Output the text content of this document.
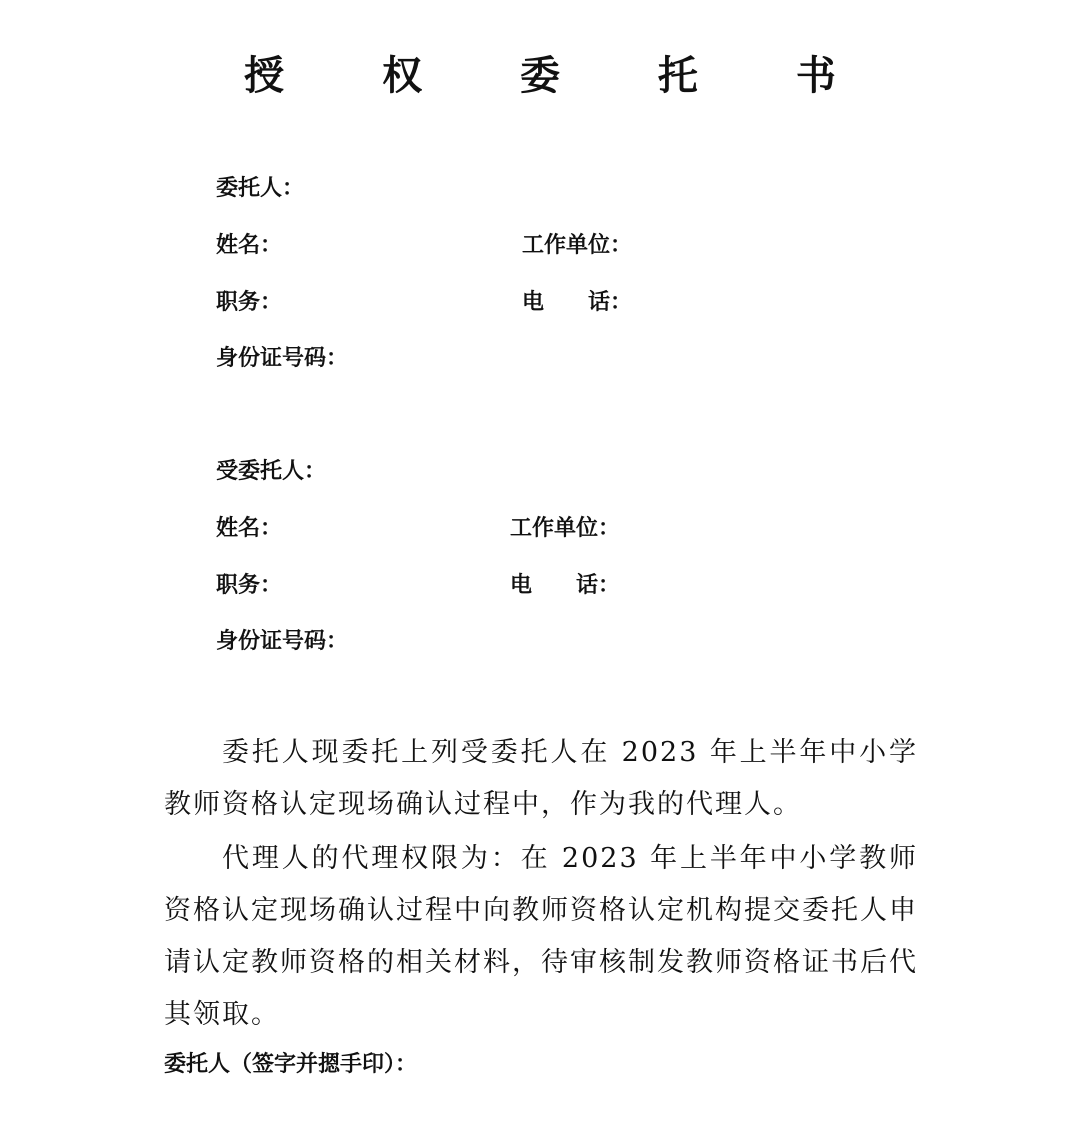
授 权 委 托 书
委托人：
姓名：	工作单位：
职务：	电　　话：
身份证号码：
受委托人：
姓名：	工作单位：
职务：	电　　话：
身份证号码：

委托人现委托上列受委托人在 2023 年上半年中小学教师资格认定现场确认过程中，作为我的代理人。

代理人的代理权限为：在 2023 年上半年中小学教师资格认定现场确认过程中向教师资格认定机构提交委托人申请认定教师资格的相关材料，待审核制发教师资格证书后代其领取。

委托人（签字并摁手印）：
